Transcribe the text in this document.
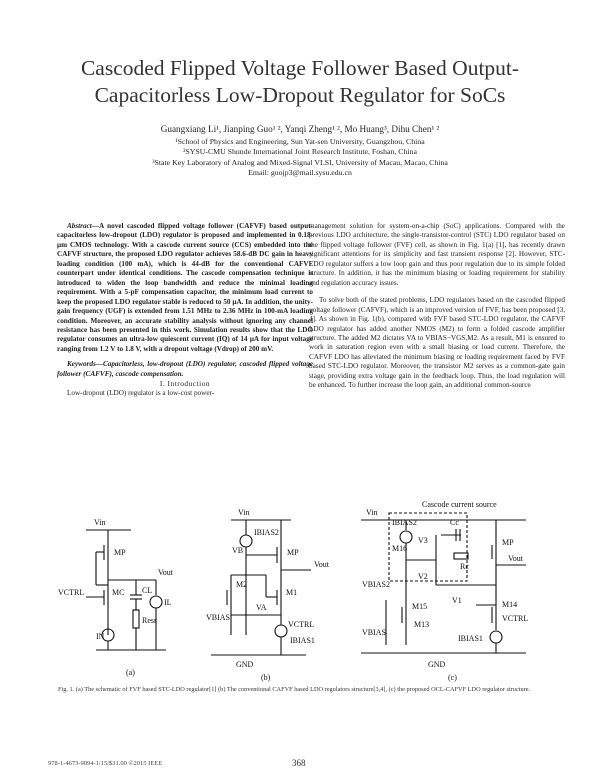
Cascoded Flipped Voltage Follower Based Output-
Capacitorless Low-Dropout Regulator for SoCs
Guangxiang Li¹, Jianping Guo¹ ², Yanqi Zheng¹ ², Mo Huang³, Dihu Chen¹ ²
¹School of Physics and Engineering, Sun Yat-sen University, Guangzhou, China
²SYSU-CMU Shunde International Joint Research Institute, Foshan, China
³State Key Laboratory of Analog and Mixed-Signal VLSI, University of Macau, Macao, China
Email: guojp3@mail.sysu.edu.cn

Abstract—A novel cascoded flipped voltage follower (CAFVF) based output-capacitorless low-dropout (LDO) regulator is proposed and implemented in 0.18-μm CMOS technology. With a cascode current source (CCS) embedded into the CAFVF structure, the proposed LDO regulator achieves 58.6-dB DC gain in heavy loading condition (100 mA), which is 44-dB for the conventional CAFVF counterpart under identical conditions. The cascode compensation technique is introduced to widen the loop bandwidth and reduce the minimal loading requirement. With a 5-pF compensation capacitor, the minimum load current to keep the proposed LDO regulator stable is reduced to 50 μA. In addition, the unity-gain frequency (UGF) is extended from 1.51 MHz to 2.36 MHz in 100-mA loading condition. Moreover, an accurate stability analysis without ignoring any channel resistance has been presented in this work. Simulation results show that the LDO regulator consumes an ultra-low quiescent current (IQ) of 14 μA for input voltage ranging from 1.2 V to 1.8 V, with a dropout voltage (Vdrop) of 200 mV.

Keywords—Capacitorless, low-dropout (LDO) regulator, cascoded flipped voltage follower (CAFVF), cascode compensation.

I. Introduction

Low-dropout (LDO) regulator is a low-cost power-

management solution for system-on-a-chip (SoC) applications. Compared with the previous LDO architecture, the single-transistor-control (STC) LDO regulator based on the flipped voltage follower (FVF) cell, as shown in Fig. 1(a) [1], has recently drawn significant attentions for its simplicity and fast transient response [2]. However, STC-LDO regulator suffers a low loop gain and thus poor regulation due to its simple folded structure. In addition, it has the minimum biasing or loading requirement for stability and regulation accuracy issues.

To solve both of the stated problems, LDO regulators based on the cascoded flipped voltage follower (CAFVF), which is an improved version of FVF, has been proposed [3, 4]. As shown in Fig. 1(b), compared with FVF based STC-LDO regulator, the CAFVF LDO regulator has added another NMOS (M2) to form a folded cascode amplifier structure. The added M2 dictates VA to VBIAS−VGS,M2. As a result, M1 is ensured to work in saturation region even with a small biasing or load current. Therefore, the CAFVF LDO has alleviated the minimum biasing or loading requirement faced by FVF based STC-LDO regulator. Moreover, the transistor M2 serves as a common-gate gain stage, providing extra voltage gain in the feedback loop. Thus, the load regulation will be enhanced. To further increase the loop gain, an additional common-source

Vin
MP
MC
VCTRL
Vout
CL
Resr
IL
IN
(a)
Vin
IBIAS2
MP
VB
Vout
M2
M1
VA
VBIAS
VCTRL
IBIAS1
GND
(b)
Cascode current source
Vin
IBIAS2	Cc
V3
M16
Rc
MP
Vout
V2
VBIAS2
M15
V1	M14
M13
VCTRL
VBIAS
IBIAS1
GND
(c)
Fig. 1. (a) The schematic of FVF based STC-LDO regulator[1] (b) The conventional CAFVF based LDO regulators structure[3,4], (c) the proposed OCL-CAFVF LDO regulator structure.
978-1-4673-9094-1/15/$31.00 ©2015 IEEE	368
